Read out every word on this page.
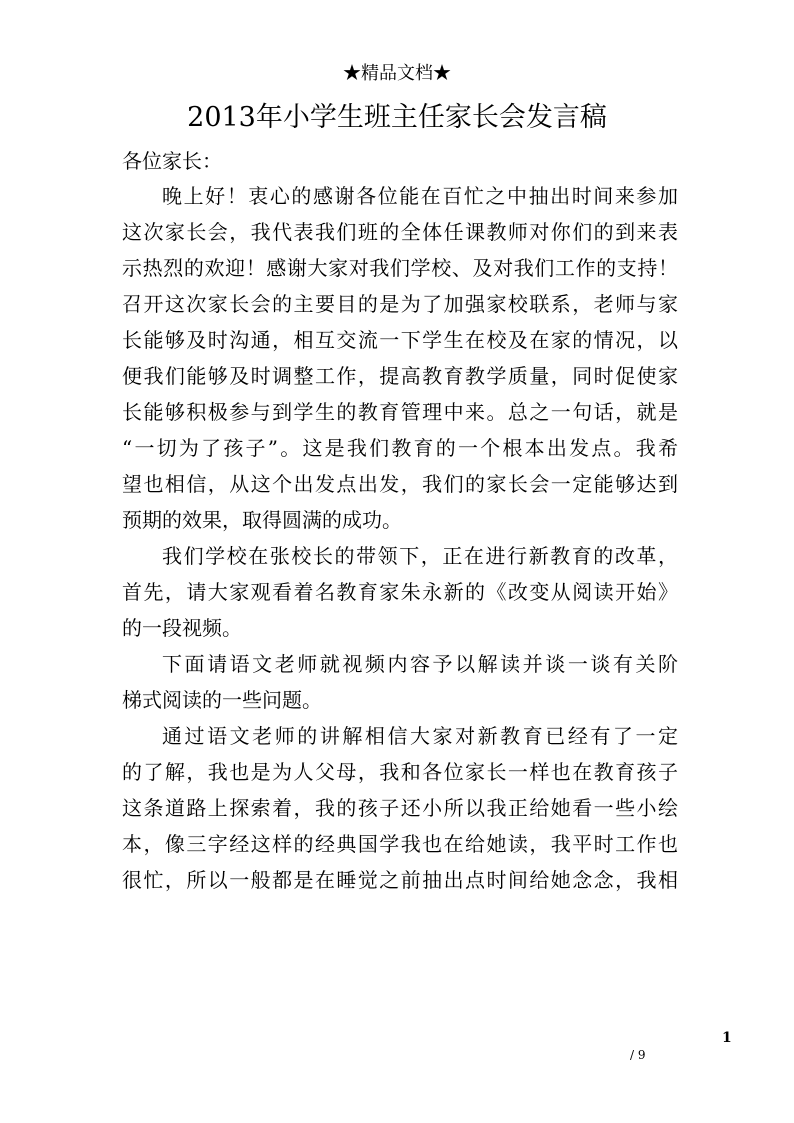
★精品文档★
2013年小学生班主任家长会发言稿
各位家长：
晚上好！衷心的感谢各位能在百忙之中抽出时间来参加
这次家长会，我代表我们班的全体任课教师对你们的到来表
示热烈的欢迎！感谢大家对我们学校、及对我们工作的支持！
召开这次家长会的主要目的是为了加强家校联系，老师与家
长能够及时沟通，相互交流一下学生在校及在家的情况，以
便我们能够及时调整工作，提高教育教学质量，同时促使家
长能够积极参与到学生的教育管理中来。总之一句话，就是
“一切为了孩子”。这是我们教育的一个根本出发点。我希
望也相信，从这个出发点出发，我们的家长会一定能够达到
预期的效果，取得圆满的成功。
我们学校在张校长的带领下，正在进行新教育的改革，
首先，请大家观看着名教育家朱永新的《改变从阅读开始》
的一段视频。
下面请语文老师就视频内容予以解读并谈一谈有关阶
梯式阅读的一些问题。
通过语文老师的讲解相信大家对新教育已经有了一定
的了解，我也是为人父母，我和各位家长一样也在教育孩子
这条道路上探索着，我的孩子还小所以我正给她看一些小绘
本，像三字经这样的经典国学我也在给她读，我平时工作也
很忙，所以一般都是在睡觉之前抽出点时间给她念念，我相
1
/ 9
